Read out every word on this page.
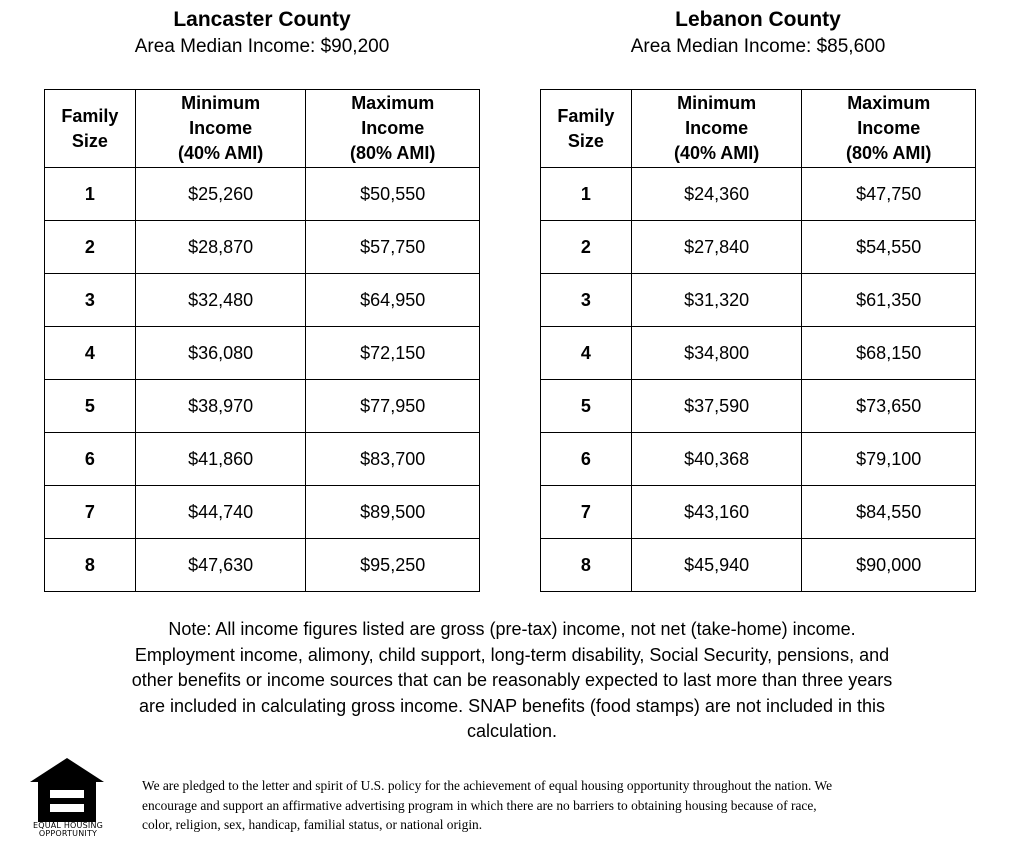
Lancaster County
Area Median Income: $90,200
Lebanon County
Area Median Income: $85,600
Family
Size	Minimum
Income
(40% AMI)	Maximum
Income
(80% AMI)
1	$25,260	$50,550
2	$28,870	$57,750
3	$32,480	$64,950
4	$36,080	$72,150
5	$38,970	$77,950
6	$41,860	$83,700
7	$44,740	$89,500
8	$47,630	$95,250
Family
Size	Minimum
Income
(40% AMI)	Maximum
Income
(80% AMI)
1	$24,360	$47,750
2	$27,840	$54,550
3	$31,320	$61,350
4	$34,800	$68,150
5	$37,590	$73,650
6	$40,368	$79,100
7	$43,160	$84,550
8	$45,940	$90,000
Note: All income figures listed are gross (pre-tax) income, not net (take-home) income.
Employment income, alimony, child support, long-term disability, Social Security, pensions, and
other benefits or income sources that can be reasonably expected to last more than three years
are included in calculating gross income. SNAP benefits (food stamps) are not included in this
calculation.
EQUAL HOUSING
OPPORTUNITY
We are pledged to the letter and spirit of U.S. policy for the achievement of equal housing opportunity throughout the nation. We
encourage and support an affirmative advertising program in which there are no barriers to obtaining housing because of race,
color, religion, sex, handicap, familial status, or national origin.
